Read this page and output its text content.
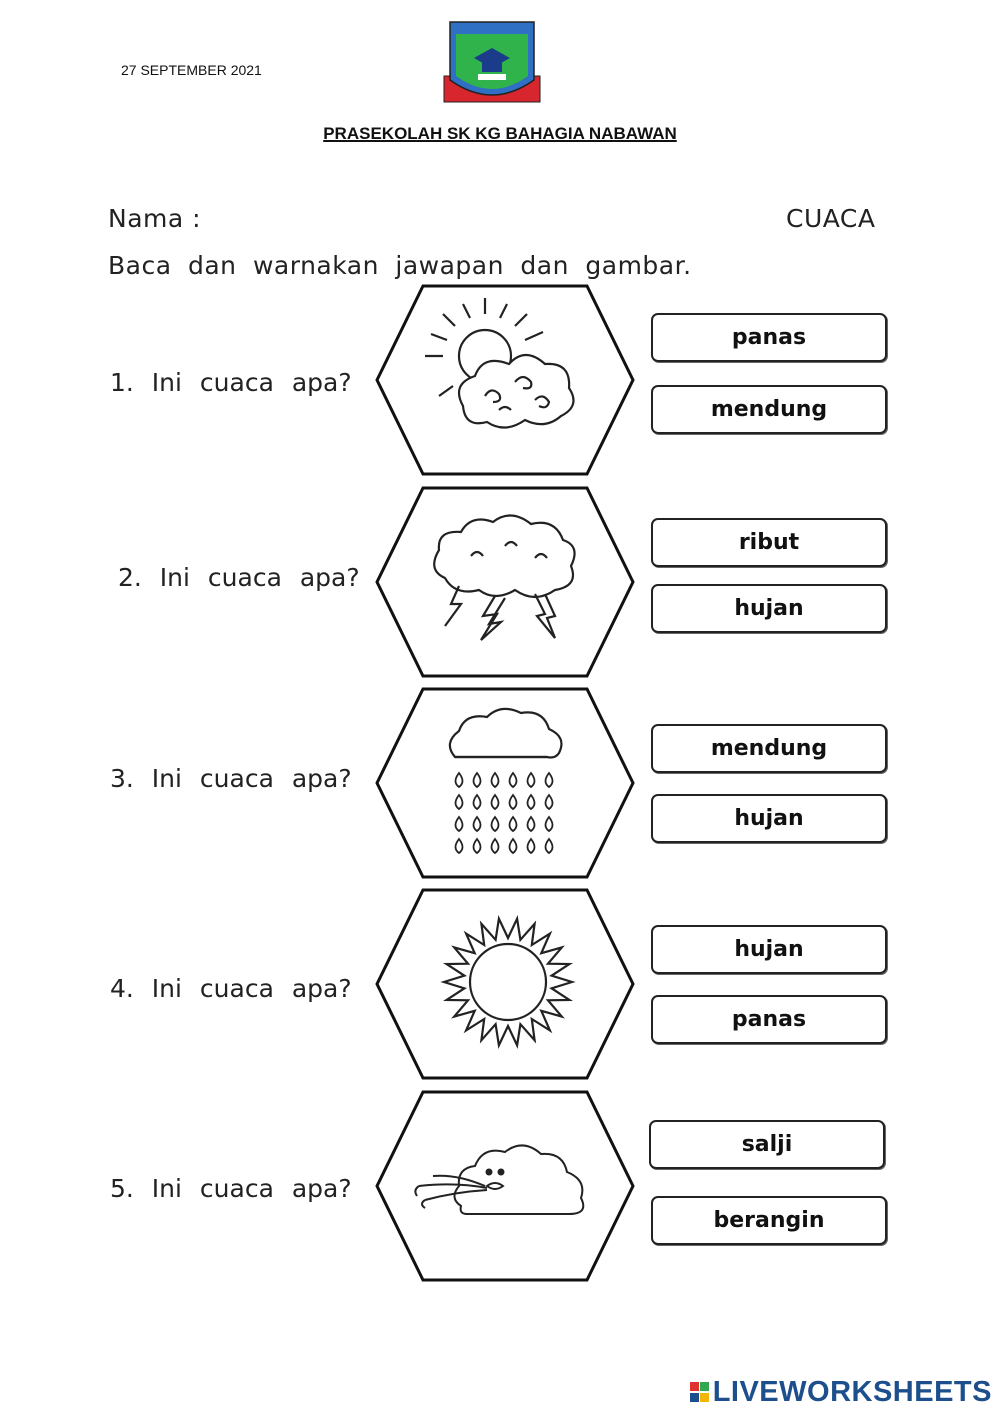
27 SEPTEMBER 2021
PRASEKOLAH SK KG BAHAGIA NABAWAN
Nama :	CUACA
Baca dan warnakan jawapan dan gambar.
1. Ini cuaca apa?
panas
mendung
2. Ini cuaca apa?
ribut
hujan
3. Ini cuaca apa?
mendung
hujan
4. Ini cuaca apa?
hujan
panas
5. Ini cuaca apa?
salji
berangin
LIVEWORKSHEETS
